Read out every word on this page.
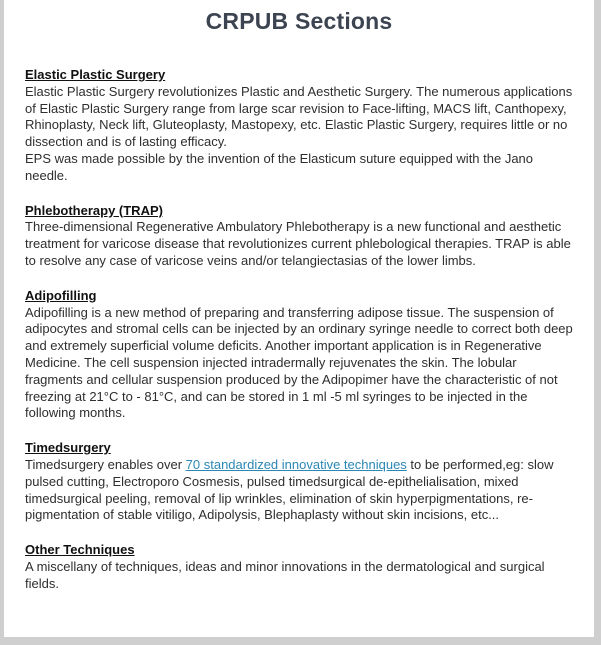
CRPUB Sections
Elastic Plastic Surgery
Elastic Plastic Surgery revolutionizes Plastic and Aesthetic Surgery. The numerous applications of Elastic Plastic Surgery range from large scar revision to Face-lifting, MACS lift, Canthopexy, Rhinoplasty, Neck lift, Gluteoplasty, Mastopexy, etc. Elastic Plastic Surgery, requires little or no dissection and is of lasting efficacy.
EPS was made possible by the invention of the Elasticum suture equipped with the Jano needle.
Phlebotherapy (TRAP)
Three-dimensional Regenerative Ambulatory Phlebotherapy is a new functional and aesthetic treatment for varicose disease that revolutionizes current phlebological therapies. TRAP is able to resolve any case of varicose veins and/or telangiectasias of the lower limbs.
Adipofilling
Adipofilling is a new method of preparing and transferring adipose tissue. The suspension of adipocytes and stromal cells can be injected by an ordinary syringe needle to correct both deep and extremely superficial volume deficits. Another important application is in Regenerative Medicine. The cell suspension injected intradermally rejuvenates the skin. The lobular fragments and cellular suspension produced by the Adipopimer have the characteristic of not freezing at 21°C to - 81°C, and can be stored in 1 ml -5 ml syringes to be injected in the following months.
Timedsurgery
Timedsurgery enables over 70 standardized innovative techniques to be performed,eg: slow pulsed cutting, Electroporo Cosmesis, pulsed timedsurgical de-epithelialisation, mixed timedsurgical peeling, removal of lip wrinkles, elimination of skin hyperpigmentations, re-pigmentation of stable vitiligo, Adipolysis, Blephaplasty without skin incisions, etc...
Other Techniques
A miscellany of techniques, ideas and minor innovations in the dermatological and surgical fields.
